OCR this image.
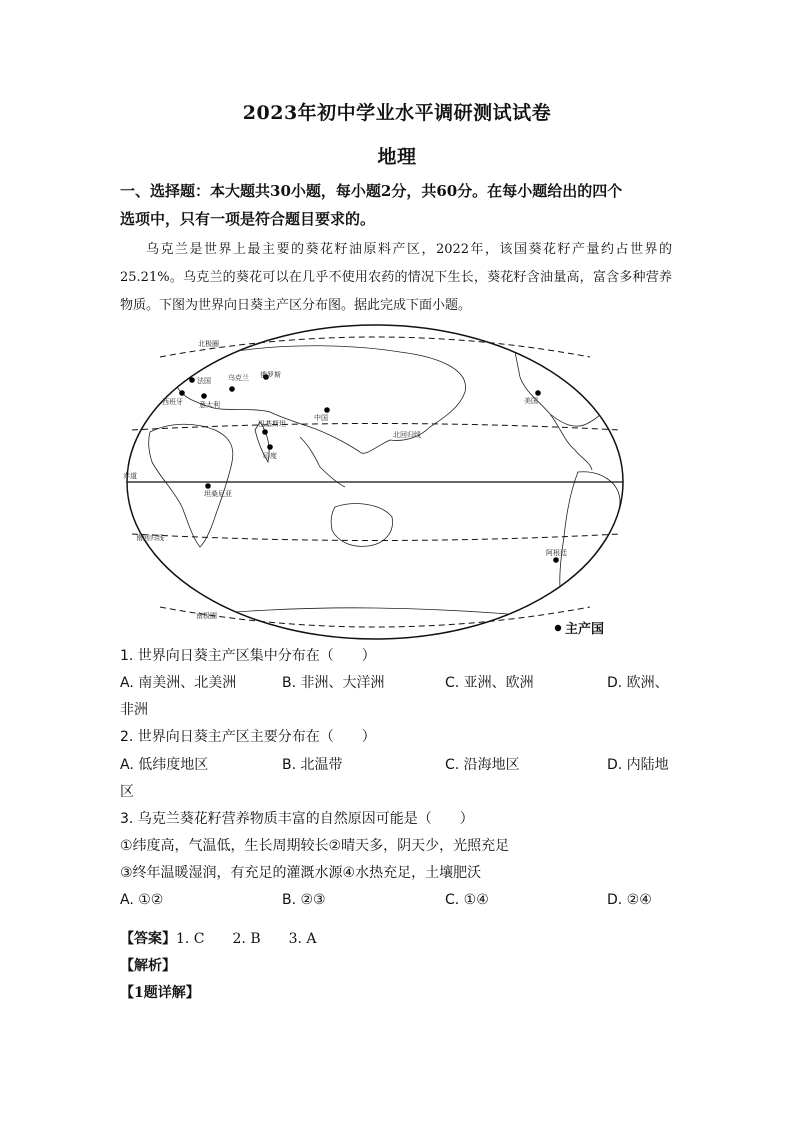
2023年初中学业水平调研测试试卷
地理
一、选择题：本大题共30小题，每小题2分，共60分。在每小题给出的四个
选项中，只有一项是符合题目要求的。

乌克兰是世界上最主要的葵花籽油原料产区，2022年，该国葵花籽产量约占世界的25.21%。乌克兰的葵花可以在几乎不使用农药的情况下生长，葵花籽含油量高，富含多种营养物质。下图为世界向日葵主产区分布图。据此完成下面小题。

北极圈
北回归线
赤道
南回归线
南极圈
俄罗斯
乌克兰
法国
西班牙 意大利
中国
巴基斯坦
印度
坦桑尼亚
美国
阿根廷
主产国
1. 世界向日葵主产区集中分布在（　　）
A. 南美洲、北美洲	B. 非洲、大洋洲	C. 亚洲、欧洲	D. 欧洲、
非洲
2. 世界向日葵主产区主要分布在（　　）
A. 低纬度地区	B. 北温带	C. 沿海地区	D. 内陆地
区
3. 乌克兰葵花籽营养物质丰富的自然原因可能是（　　）
①纬度高，气温低，生长周期较长②晴天多，阴天少，光照充足
③终年温暖湿润，有充足的灌溉水源④水热充足，土壤肥沃
A. ①②	B. ②③	C. ①④	D. ②④
【答案】1. C　　2. B　　3. A
【解析】
【1题详解】
